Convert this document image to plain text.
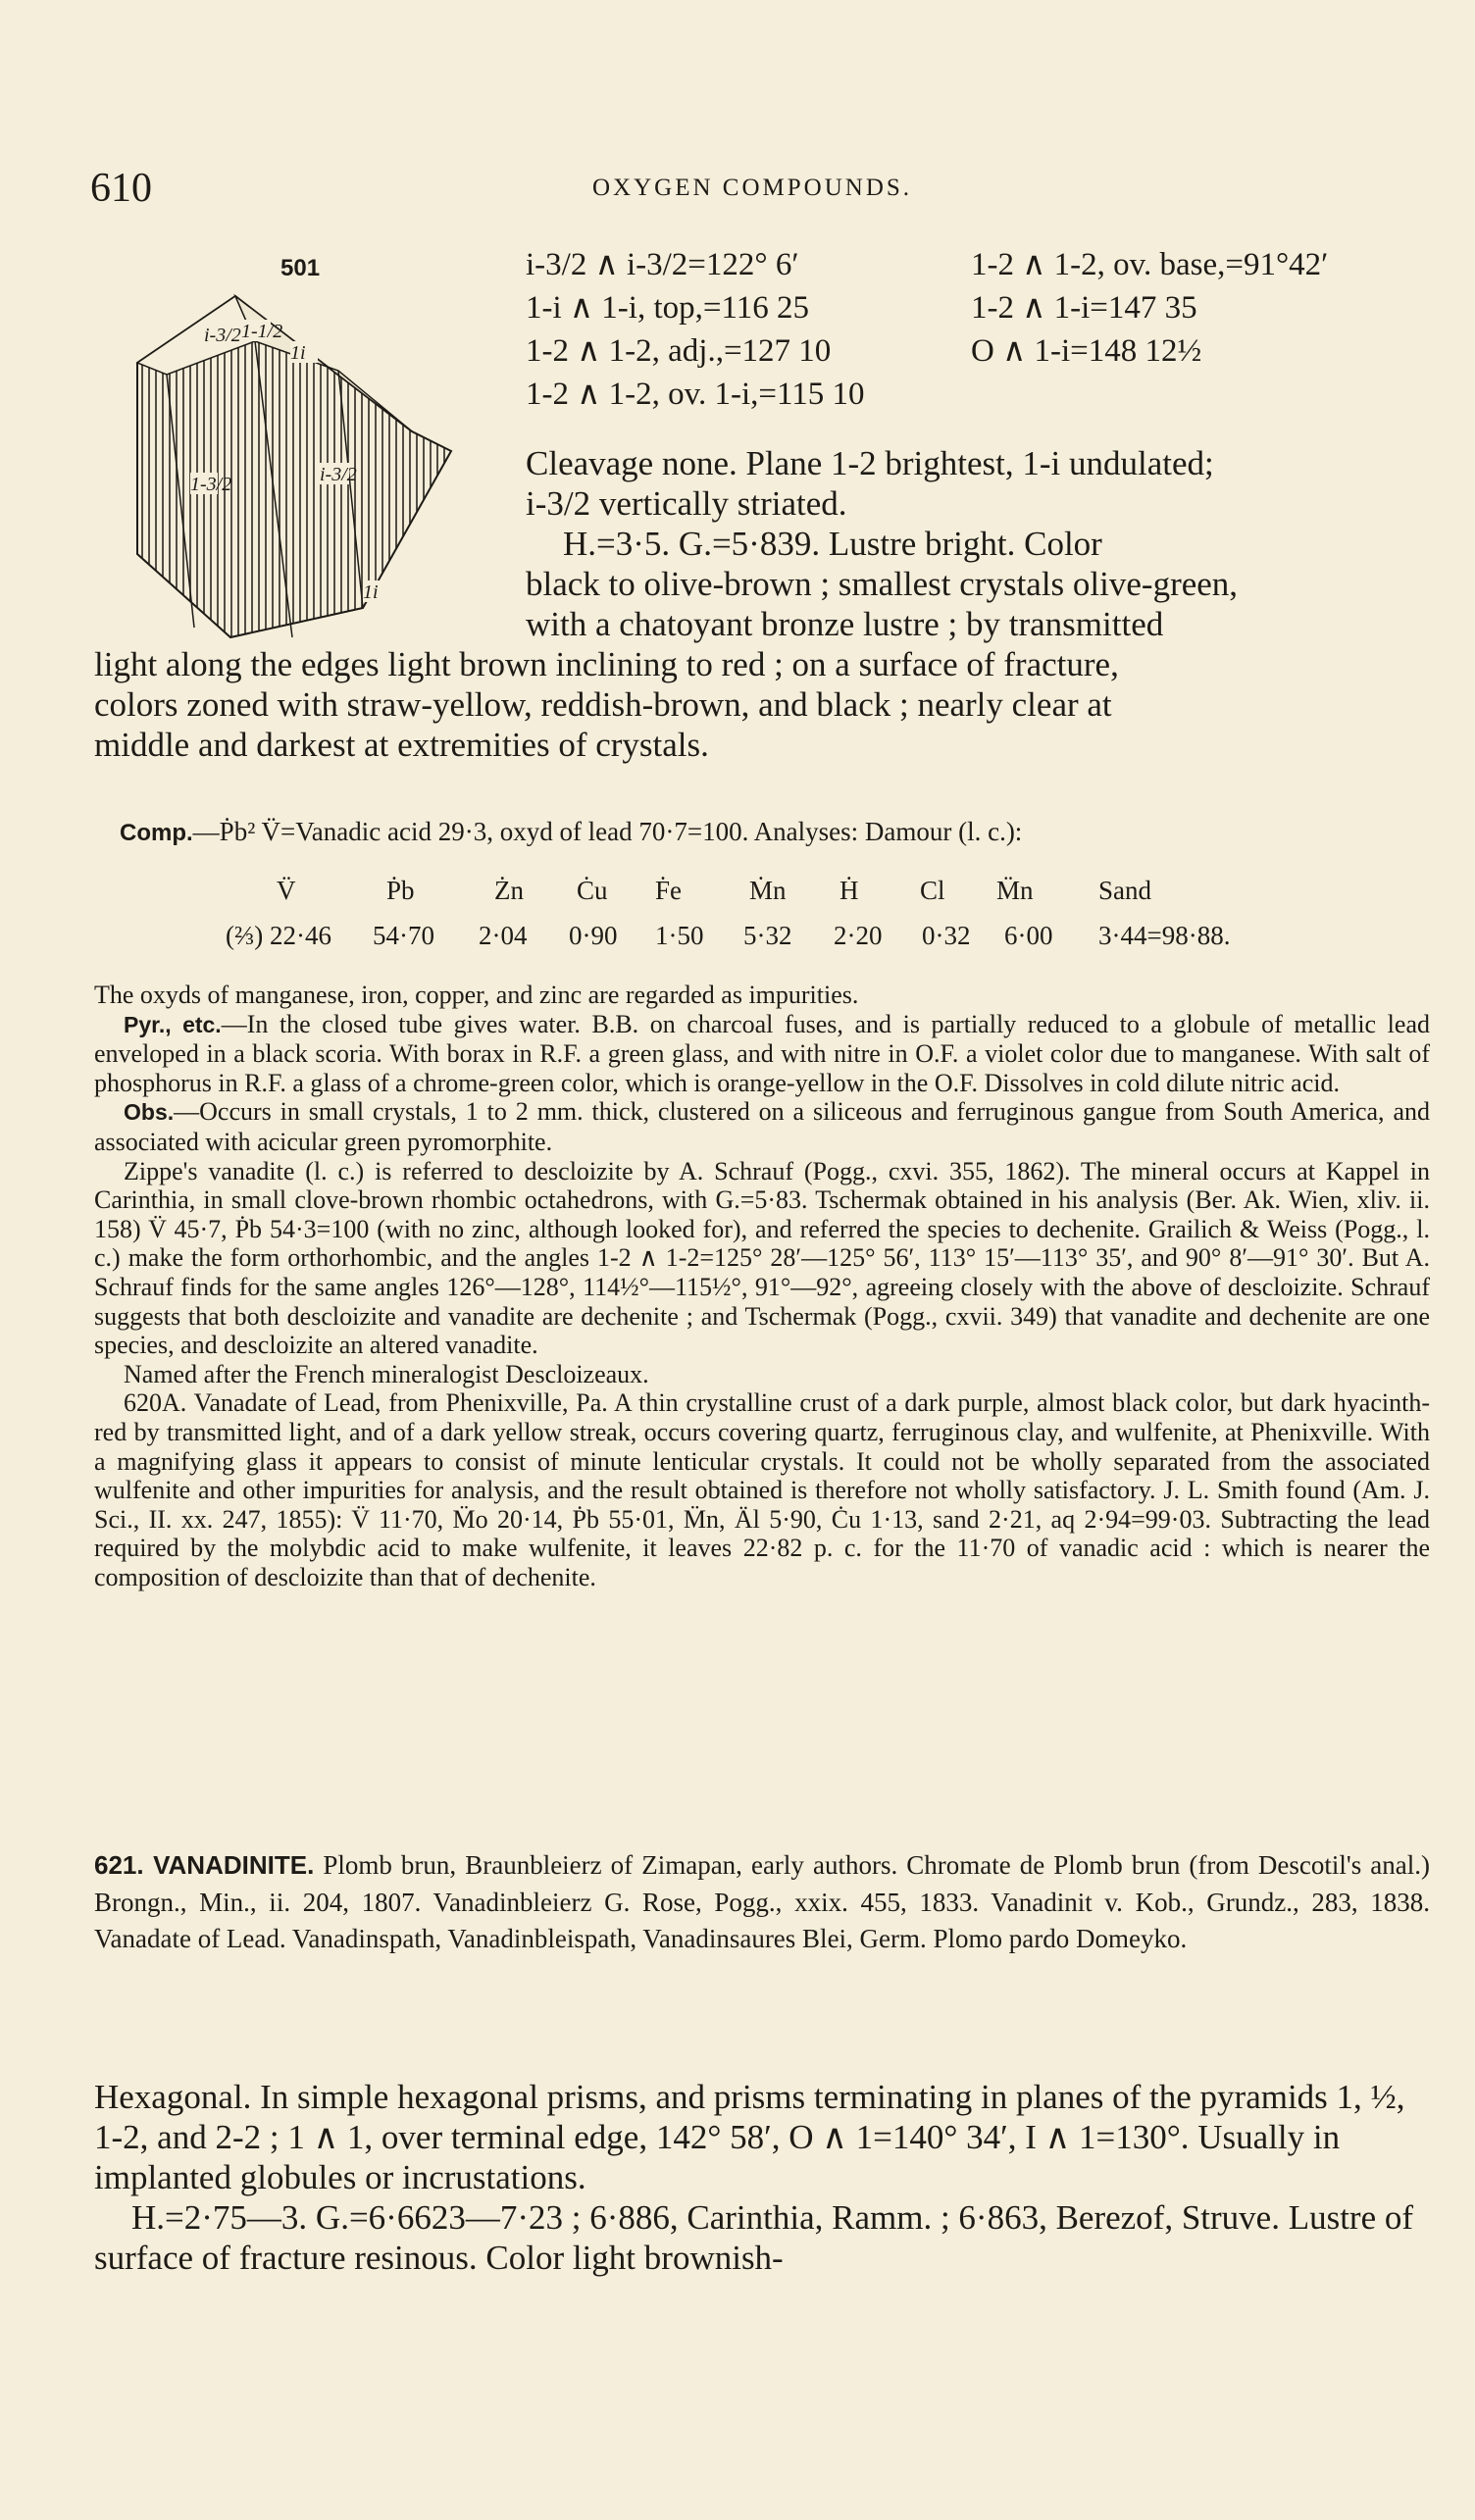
610	OXYGEN COMPOUNDS.
501
i-3/2 1-1/2
1i
1-3/2	i-3/2
1i
i-3/2 ∧ i-3/2=122° 6′	1-2 ∧ 1-2, ov. base,=91°42′
1-i ∧ 1-i, top,=116 25	1-2 ∧ 1-i=147 35
1-2 ∧ 1-2, adj.,=127 10	O ∧ 1-i=148 12½
1-2 ∧ 1-2, ov. 1-i,=115 10

Cleavage none. Plane 1-2 brightest, 1-i undulated;

i-3/2 vertically striated.

H.=3·5. G.=5·839. Lustre bright. Color

black to olive-brown ; smallest crystals olive-green,

with a chatoyant bronze lustre ; by transmitted

light along the edges light brown inclining to red ; on a surface of fracture,

colors zoned with straw-yellow, reddish-brown, and black ; nearly clear at

middle and darkest at extremities of crystals.

Comp.—Ṗb² V̈=Vanadic acid 29·3, oxyd of lead 70·7=100. Analyses: Damour (l. c.):
V̈	Ṗb	Żn Ċu Ḟe	Ṁn Ḣ Cl M̈n Sand
(⅔) 22·46 54·70 2·04 0·90 1·50 5·32 2·20 0·32 6·00 3·44=98·88.

The oxyds of manganese, iron, copper, and zinc are regarded as impurities.

Pyr., etc.—In the closed tube gives water. B.B. on charcoal fuses, and is partially reduced to a globule of metallic lead enveloped in a black scoria. With borax in R.F. a green glass, and with nitre in O.F. a violet color due to manganese. With salt of phosphorus in R.F. a glass of a chrome-green color, which is orange-yellow in the O.F. Dissolves in cold dilute nitric acid.

Obs.—Occurs in small crystals, 1 to 2 mm. thick, clustered on a siliceous and ferruginous gangue from South America, and associated with acicular green pyromorphite.

Zippe's vanadite (l. c.) is referred to descloizite by A. Schrauf (Pogg., cxvi. 355, 1862). The mineral occurs at Kappel in Carinthia, in small clove-brown rhombic octahedrons, with G.=5·83. Tschermak obtained in his analysis (Ber. Ak. Wien, xliv. ii. 158) V̈ 45·7, Ṗb 54·3=100 (with no zinc, although looked for), and referred the species to dechenite. Grailich & Weiss (Pogg., l. c.) make the form orthorhombic, and the angles 1-2 ∧ 1-2=125° 28′—125° 56′, 113° 15′—113° 35′, and 90° 8′—91° 30′. But A. Schrauf finds for the same angles 126°—128°, 114½°—115½°, 91°—92°, agreeing closely with the above of descloizite. Schrauf suggests that both descloizite and vanadite are dechenite ; and Tschermak (Pogg., cxvii. 349) that vanadite and dechenite are one species, and descloizite an altered vanadite.

Named after the French mineralogist Descloizeaux.

620A. Vanadate of Lead, from Phenixville, Pa. A thin crystalline crust of a dark purple, almost black color, but dark hyacinth-red by transmitted light, and of a dark yellow streak, occurs covering quartz, ferruginous clay, and wulfenite, at Phenixville. With a magnifying glass it appears to consist of minute lenticular crystals. It could not be wholly separated from the associated wulfenite and other impurities for analysis, and the result obtained is therefore not wholly satisfactory. J. L. Smith found (Am. J. Sci., II. xx. 247, 1855): V̈ 11·70, M̈o 20·14, Ṗb 55·01, M̈n, Äl 5·90, Ċu 1·13, sand 2·21, aq 2·94=99·03. Subtracting the lead required by the molybdic acid to make wulfenite, it leaves 22·82 p. c. for the 11·70 of vanadic acid : which is nearer the composition of descloizite than that of dechenite.

621. VANADINITE. Plomb brun, Braunbleierz of Zimapan, early authors. Chromate de Plomb brun (from Descotil's anal.) Brongn., Min., ii. 204, 1807. Vanadinbleierz G. Rose, Pogg., xxix. 455, 1833. Vanadinit v. Kob., Grundz., 283, 1838. Vanadate of Lead. Vanadinspath, Vanadinbleispath, Vanadinsaures Blei, Germ. Plomo pardo Domeyko.

Hexagonal. In simple hexagonal prisms, and prisms terminating in planes of the pyramids 1, ½, 1-2, and 2-2 ; 1 ∧ 1, over terminal edge, 142° 58′, O ∧ 1=140° 34′, I ∧ 1=130°. Usually in implanted globules or incrustations.

H.=2·75—3. G.=6·6623—7·23 ; 6·886, Carinthia, Ramm. ; 6·863, Berezof, Struve. Lustre of surface of fracture resinous. Color light brownish-
